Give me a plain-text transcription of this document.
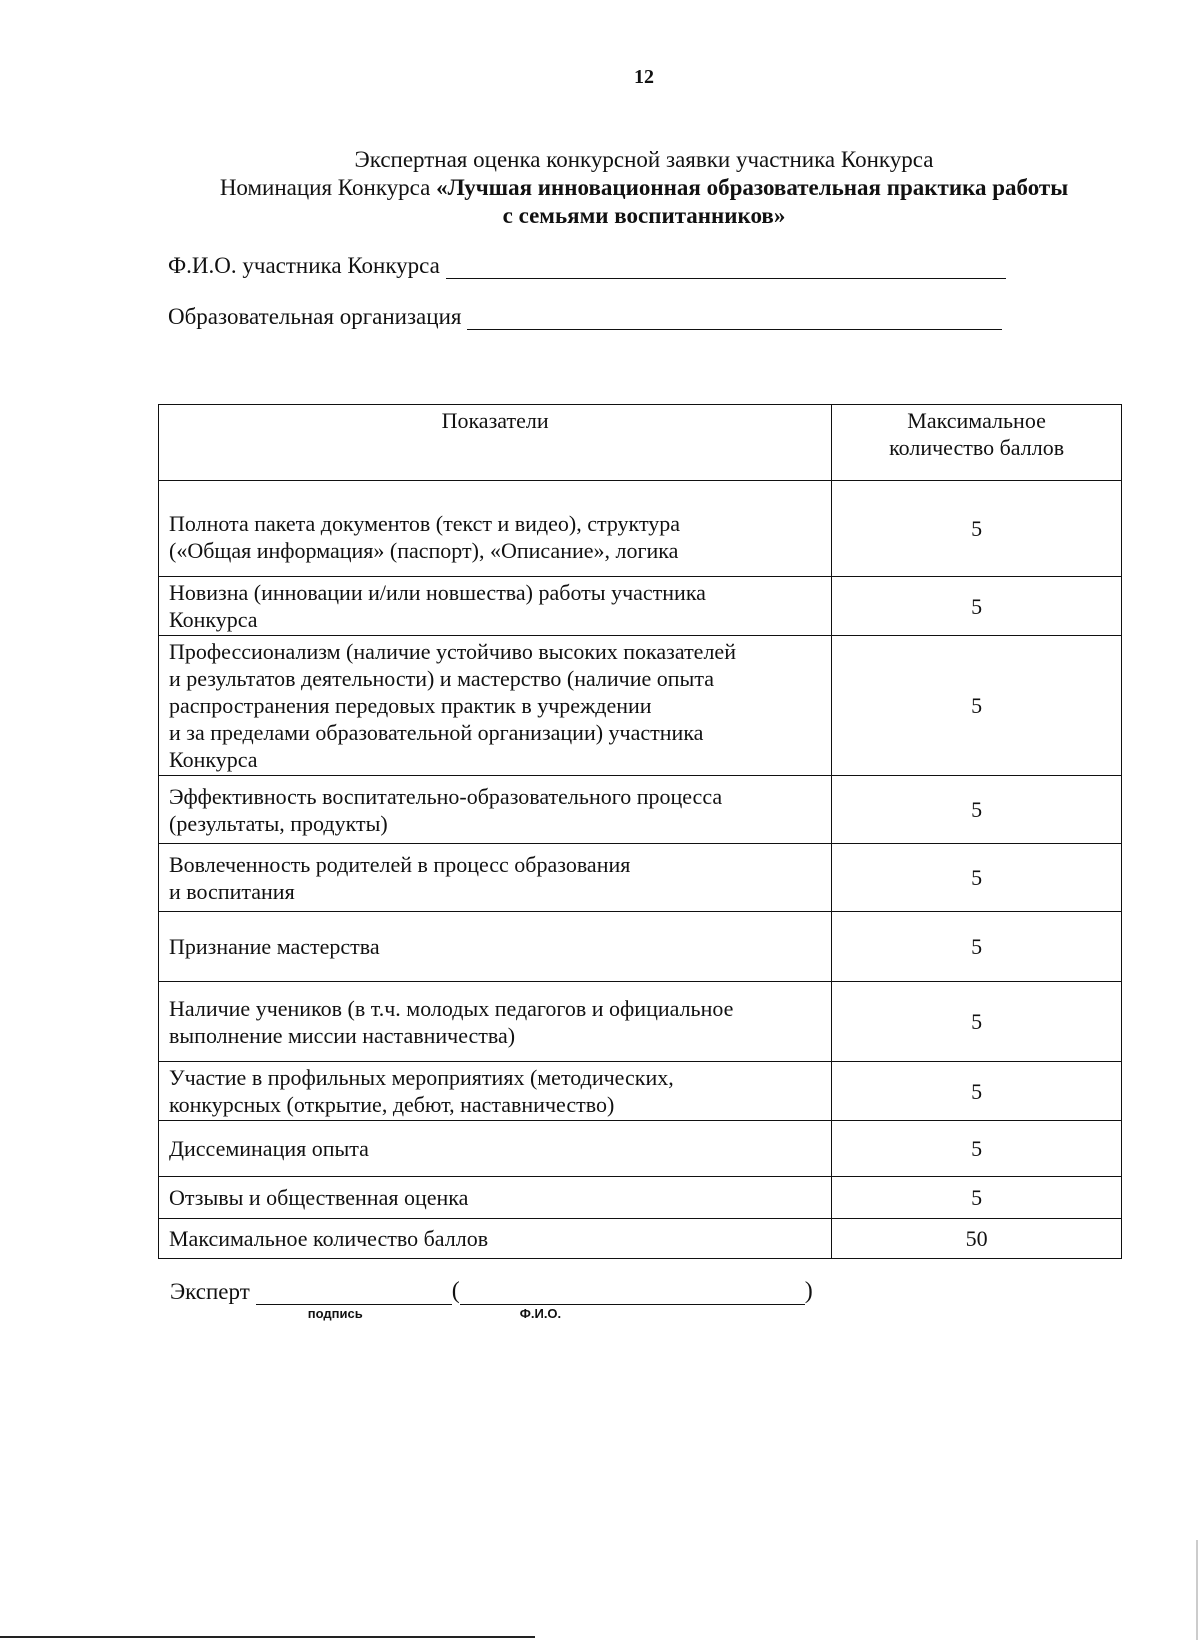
12
Экспертная оценка конкурсной заявки участника Конкурса
Номинация Конкурса «Лучшая инновационная образовательная практика работы
с семьями воспитанников»
Ф.И.О. участника Конкурса
Образовательная организация
Показатели	Максимальное
количество баллов

Полнота пакета документов (текст и видео), структура
(«Общая информация» (паспорт), «Описание», логика	5

Новизна (инновации и/или новшества) работы участника
Конкурса	5

Профессионализм (наличие устойчиво высоких показателей
и результатов деятельности) и мастерство (наличие опыта
распространения передовых практик в учреждении
и за пределами образовательной организации) участника
Конкурса	5

Эффективность воспитательно-образовательного процесса
(результаты, продукты)	5

Вовлеченность родителей в процесс образования
и воспитания	5

Признание мастерства	5

Наличие учеников (в т.ч. молодых педагогов и официальное
выполнение миссии наставничества)	5

Участие в профильных мероприятиях (методических,
конкурсных (открытие, дебют, наставничество)	5

Диссеминация опыта	5

Отзывы и общественная оценка	5
Максимальное количество баллов	50
Эксперт
подпись
(
Ф.И.О.
)
